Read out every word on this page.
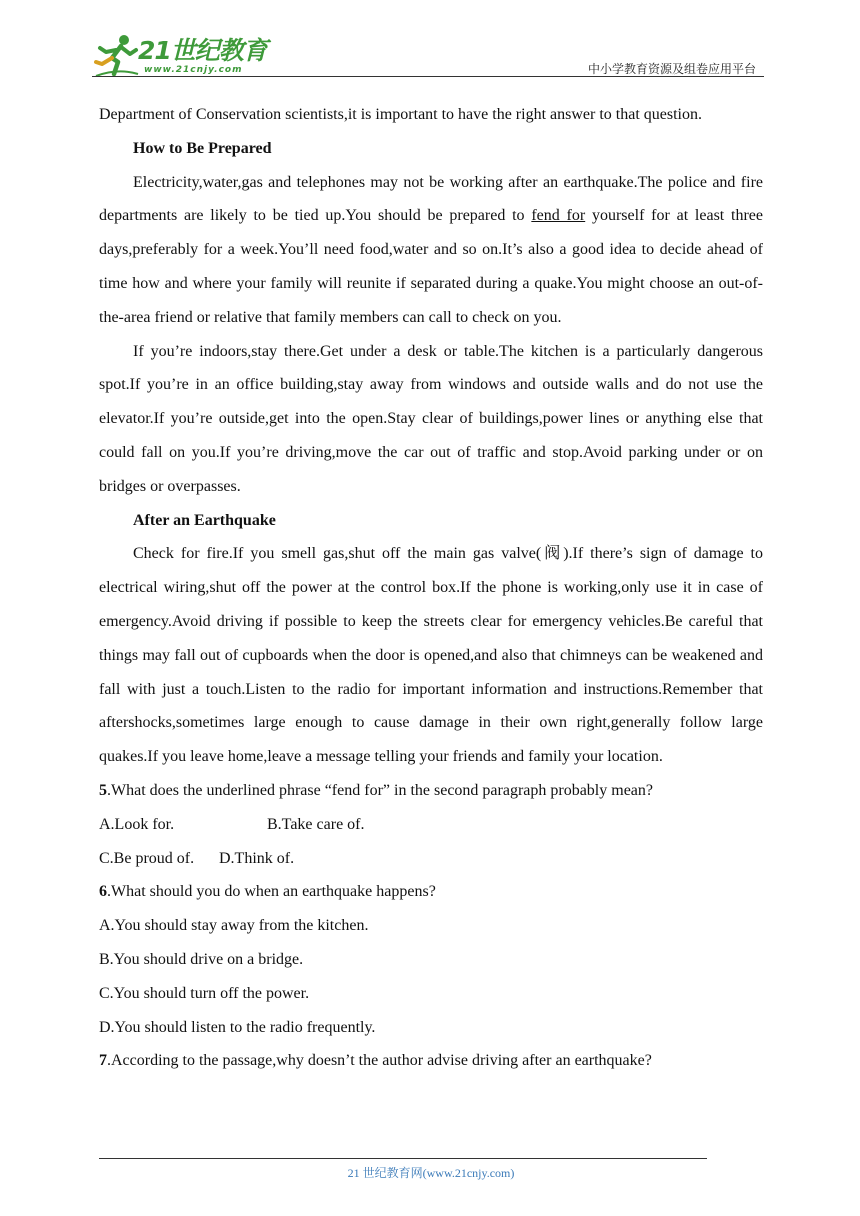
21世纪教育
www.21cnjy.com	中小学教育资源及组卷应用平台

Department of Conservation scientists,it is important to have the right answer to that question.

How to Be Prepared

Electricity,water,gas and telephones may not be working after an earthquake.The police and fire departments are likely to be tied up.You should be prepared to fend for yourself for at least three days,preferably for a week.You’ll need food,water and so on.It’s also a good idea to decide ahead of time how and where your family will reunite if separated during a quake.You might choose an out-of-the-area friend or relative that family members can call to check on you.

If you’re indoors,stay there.Get under a desk or table.The kitchen is a particularly dangerous spot.If you’re in an office building,stay away from windows and outside walls and do not use the elevator.If you’re outside,get into the open.Stay clear of buildings,power lines or anything else that could fall on you.If you’re driving,move the car out of traffic and stop.Avoid parking under or on bridges or overpasses.

After an Earthquake

Check for fire.If you smell gas,shut off the main gas valve(阀).If there’s sign of damage to electrical wiring,shut off the power at the control box.If the phone is working,only use it in case of emergency.Avoid driving if possible to keep the streets clear for emergency vehicles.Be careful that things may fall out of cupboards when the door is opened,and also that chimneys can be weakened and fall with just a touch.Listen to the radio for important information and instructions.Remember that aftershocks,sometimes large enough to cause damage in their own right,generally follow large quakes.If you leave home,leave a message telling your friends and family your location.

5.What does the underlined phrase “fend for” in the second paragraph probably mean?

A.Look for.	B.Take care of.

C.Be proud of. D.Think of.

6.What should you do when an earthquake happens?

A.You should stay away from the kitchen.

B.You should drive on a bridge.

C.You should turn off the power.

D.You should listen to the radio frequently.

7.According to the passage,why doesn’t the author advise driving after an earthquake?

21 世纪教育网(www.21cnjy.com)
